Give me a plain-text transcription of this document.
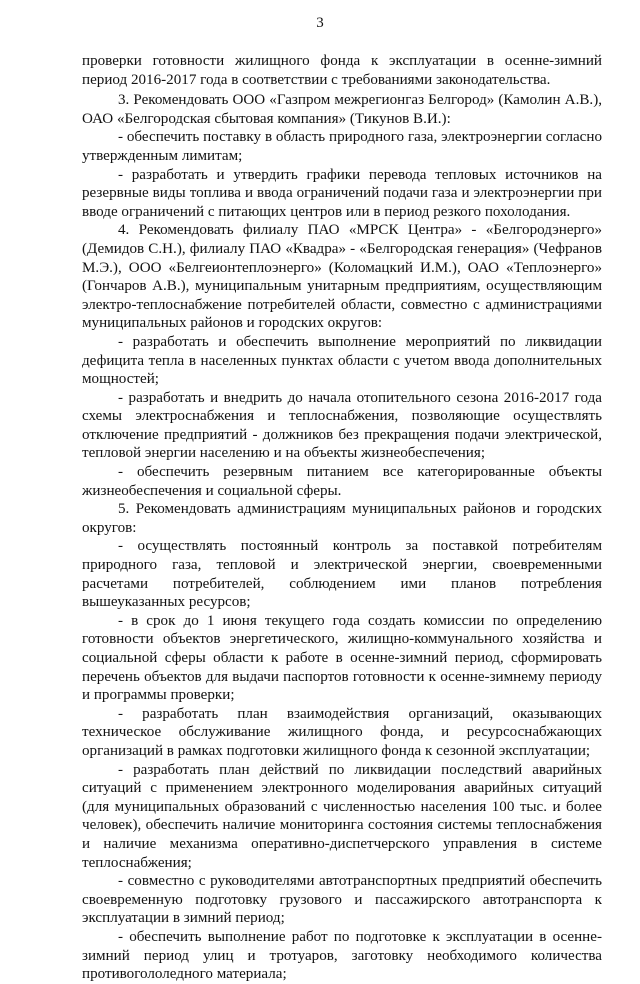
3

проверки готовности жилищного фонда к эксплуатации в осенне-зимний период 2016-2017 года в соответствии с требованиями законодательства.

3. Рекомендовать ООО «Газпром межрегионгаз Белгород» (Камолин А.В.), ОАО «Белгородская сбытовая компания» (Тикунов В.И.):

- обеспечить поставку в область природного газа, электроэнергии согласно утвержденным лимитам;

- разработать и утвердить графики перевода тепловых источников на резервные виды топлива и ввода ограничений подачи газа и электроэнергии при вводе ограничений с питающих центров или в период резкого похолодания.

4. Рекомендовать филиалу ПАО «МРСК Центра» - «Белгородэнерго» (Демидов С.Н.), филиалу ПАО «Квадра» - «Белгородская генерация» (Чефранов М.Э.), ООО «Белгеионтеплоэнерго» (Коломацкий И.М.), ОАО «Теплоэнерго» (Гончаров А.В.), муниципальным унитарным предприятиям, осуществляющим электро-теплоснабжение потребителей области, совместно с администрациями муниципальных районов и городских округов:

- разработать и обеспечить выполнение мероприятий по ликвидации дефицита тепла в населенных пунктах области с учетом ввода дополнительных мощностей;

- разработать и внедрить до начала отопительного сезона 2016-2017 года схемы электроснабжения и теплоснабжения, позволяющие осуществлять отключение предприятий - должников без прекращения подачи электрической, тепловой энергии населению и на объекты жизнеобеспечения;

- обеспечить резервным питанием все категорированные объекты жизнеобеспечения и социальной сферы.

5. Рекомендовать администрациям муниципальных районов и городских округов:

- осуществлять постоянный контроль за поставкой потребителям природного газа, тепловой и электрической энергии, своевременными расчетами потребителей, соблюдением ими планов потребления вышеуказанных ресурсов;

- в срок до 1 июня текущего года создать комиссии по определению готовности объектов энергетического, жилищно-коммунального хозяйства и социальной сферы области к работе в осенне-зимний период, сформировать перечень объектов для выдачи паспортов готовности к осенне-зимнему периоду и программы проверки;

- разработать план взаимодействия организаций, оказывающих техническое обслуживание жилищного фонда, и ресурсоснабжающих организаций в рамках подготовки жилищного фонда к сезонной эксплуатации;

- разработать план действий по ликвидации последствий аварийных ситуаций с применением электронного моделирования аварийных ситуаций (для муниципальных образований с численностью населения 100 тыс. и более человек), обеспечить наличие мониторинга состояния системы теплоснабжения и наличие механизма оперативно-диспетчерского управления в системе теплоснабжения;

- совместно с руководителями автотранспортных предприятий обеспечить своевременную подготовку грузового и пассажирского автотранспорта к эксплуатации в зимний период;

- обеспечить выполнение работ по подготовке к эксплуатации в осенне-зимний период улиц и тротуаров, заготовку необходимого количества противогололедного материала;
